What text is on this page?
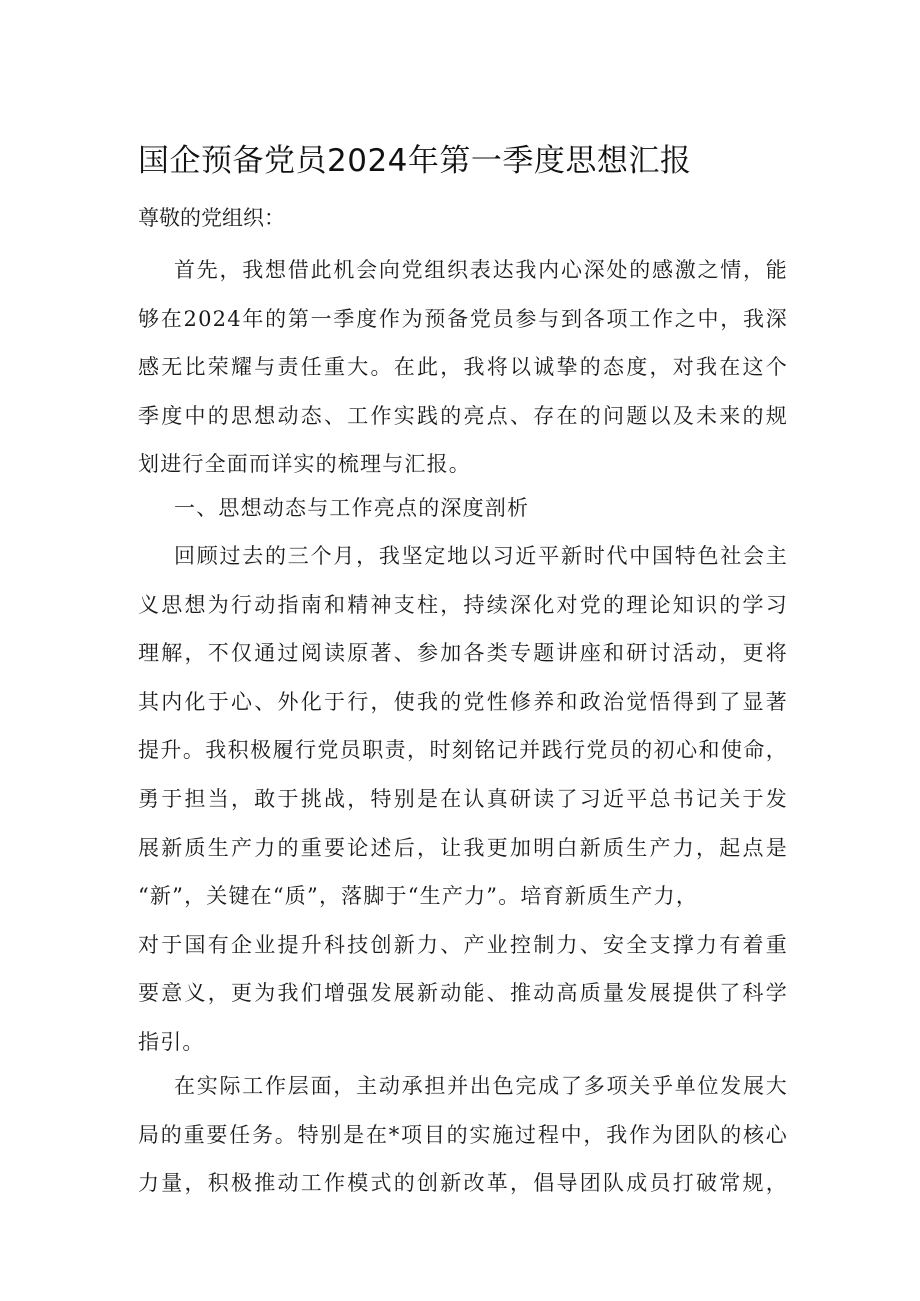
国企预备党员2024年第一季度思想汇报
尊敬的党组织：
首先，我想借此机会向党组织表达我内心深处的感激之情，能
够在2024年的第一季度作为预备党员参与到各项工作之中，我深
感无比荣耀与责任重大。在此，我将以诚挚的态度，对我在这个
季度中的思想动态、工作实践的亮点、存在的问题以及未来的规
划进行全面而详实的梳理与汇报。
一、思想动态与工作亮点的深度剖析
回顾过去的三个月，我坚定地以习近平新时代中国特色社会主
义思想为行动指南和精神支柱，持续深化对党的理论知识的学习
理解，不仅通过阅读原著、参加各类专题讲座和研讨活动，更将
其内化于心、外化于行，使我的党性修养和政治觉悟得到了显著
提升。我积极履行党员职责，时刻铭记并践行党员的初心和使命，
勇于担当，敢于挑战，特别是在认真研读了习近平总书记关于发
展新质生产力的重要论述后，让我更加明白新质生产力，起点是
“新”，关键在“质”，落脚于“生产力”。培育新质生产力，
对于国有企业提升科技创新力、产业控制力、安全支撑力有着重
要意义，更为我们增强发展新动能、推动高质量发展提供了科学
指引。
在实际工作层面，主动承担并出色完成了多项关乎单位发展大
局的重要任务。特别是在*项目的实施过程中，我作为团队的核心
力量，积极推动工作模式的创新改革，倡导团队成员打破常规，
